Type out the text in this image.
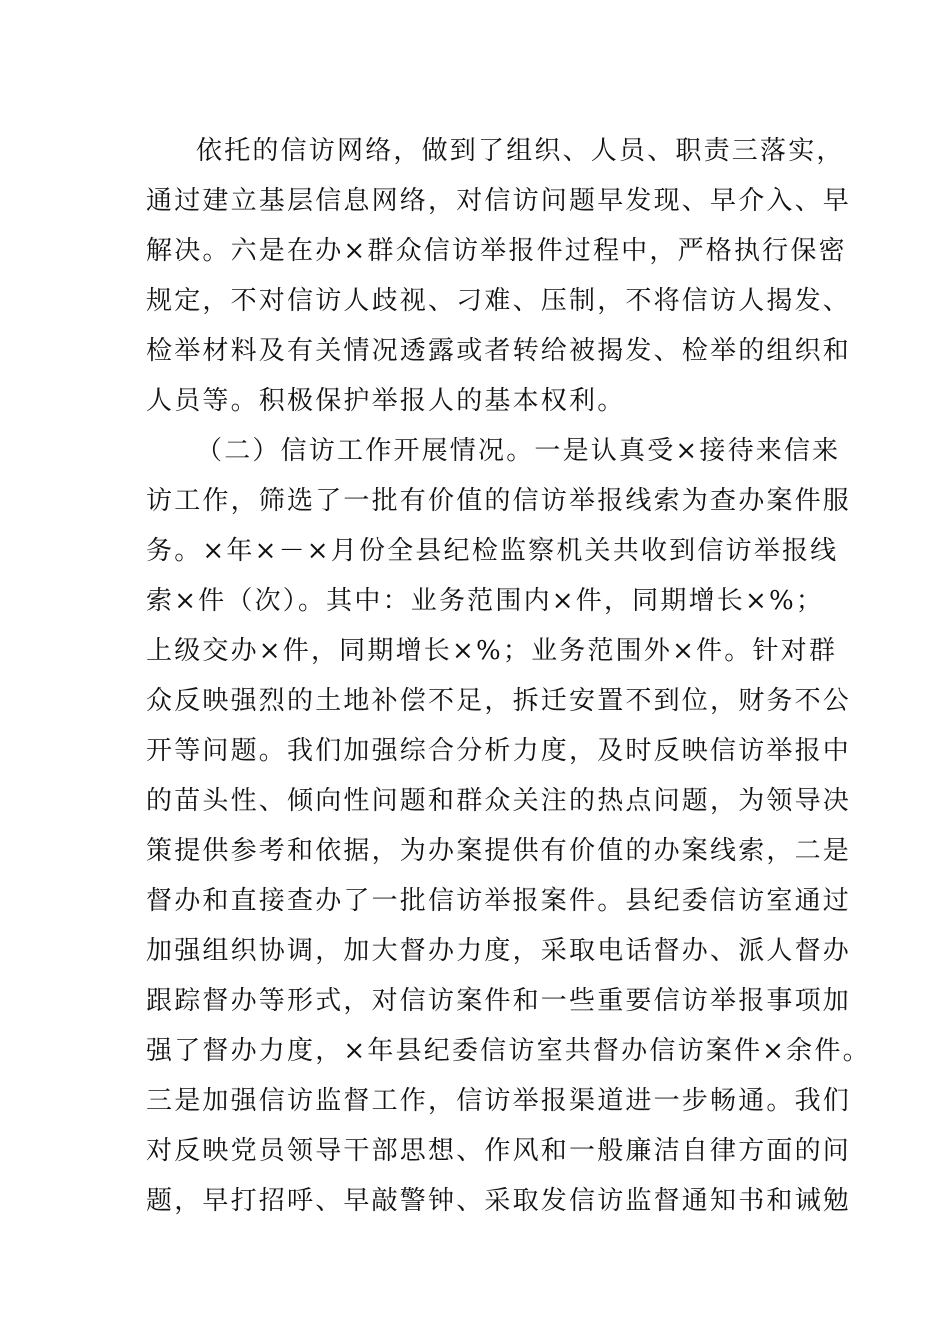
依托的信访网络，做到了组织、人员、职责三落实，
通过建立基层信息网络，对信访问题早发现、早介入、早
解决。六是在办×群众信访举报件过程中，严格执行保密
规定，不对信访人歧视、刁难、压制，不将信访人揭发、
检举材料及有关情况透露或者转给被揭发、检举的组织和
人员等。积极保护举报人的基本权利。
（二）信访工作开展情况。一是认真受×接待来信来
访工作，筛选了一批有价值的信访举报线索为查办案件服
务。×年×－×月份全县纪检监察机关共收到信访举报线
索×件（次）。其中：业务范围内×件，同期增长×%；
上级交办×件，同期增长×%；业务范围外×件。针对群
众反映强烈的土地补偿不足，拆迁安置不到位，财务不公
开等问题。我们加强综合分析力度，及时反映信访举报中
的苗头性、倾向性问题和群众关注的热点问题，为领导决
策提供参考和依据，为办案提供有价值的办案线索，二是
督办和直接查办了一批信访举报案件。县纪委信访室通过
加强组织协调，加大督办力度，采取电话督办、派人督办
跟踪督办等形式，对信访案件和一些重要信访举报事项加
强了督办力度，×年县纪委信访室共督办信访案件×余件。
三是加强信访监督工作，信访举报渠道进一步畅通。我们
对反映党员领导干部思想、作风和一般廉洁自律方面的问
题，早打招呼、早敲警钟、采取发信访监督通知书和诫勉
